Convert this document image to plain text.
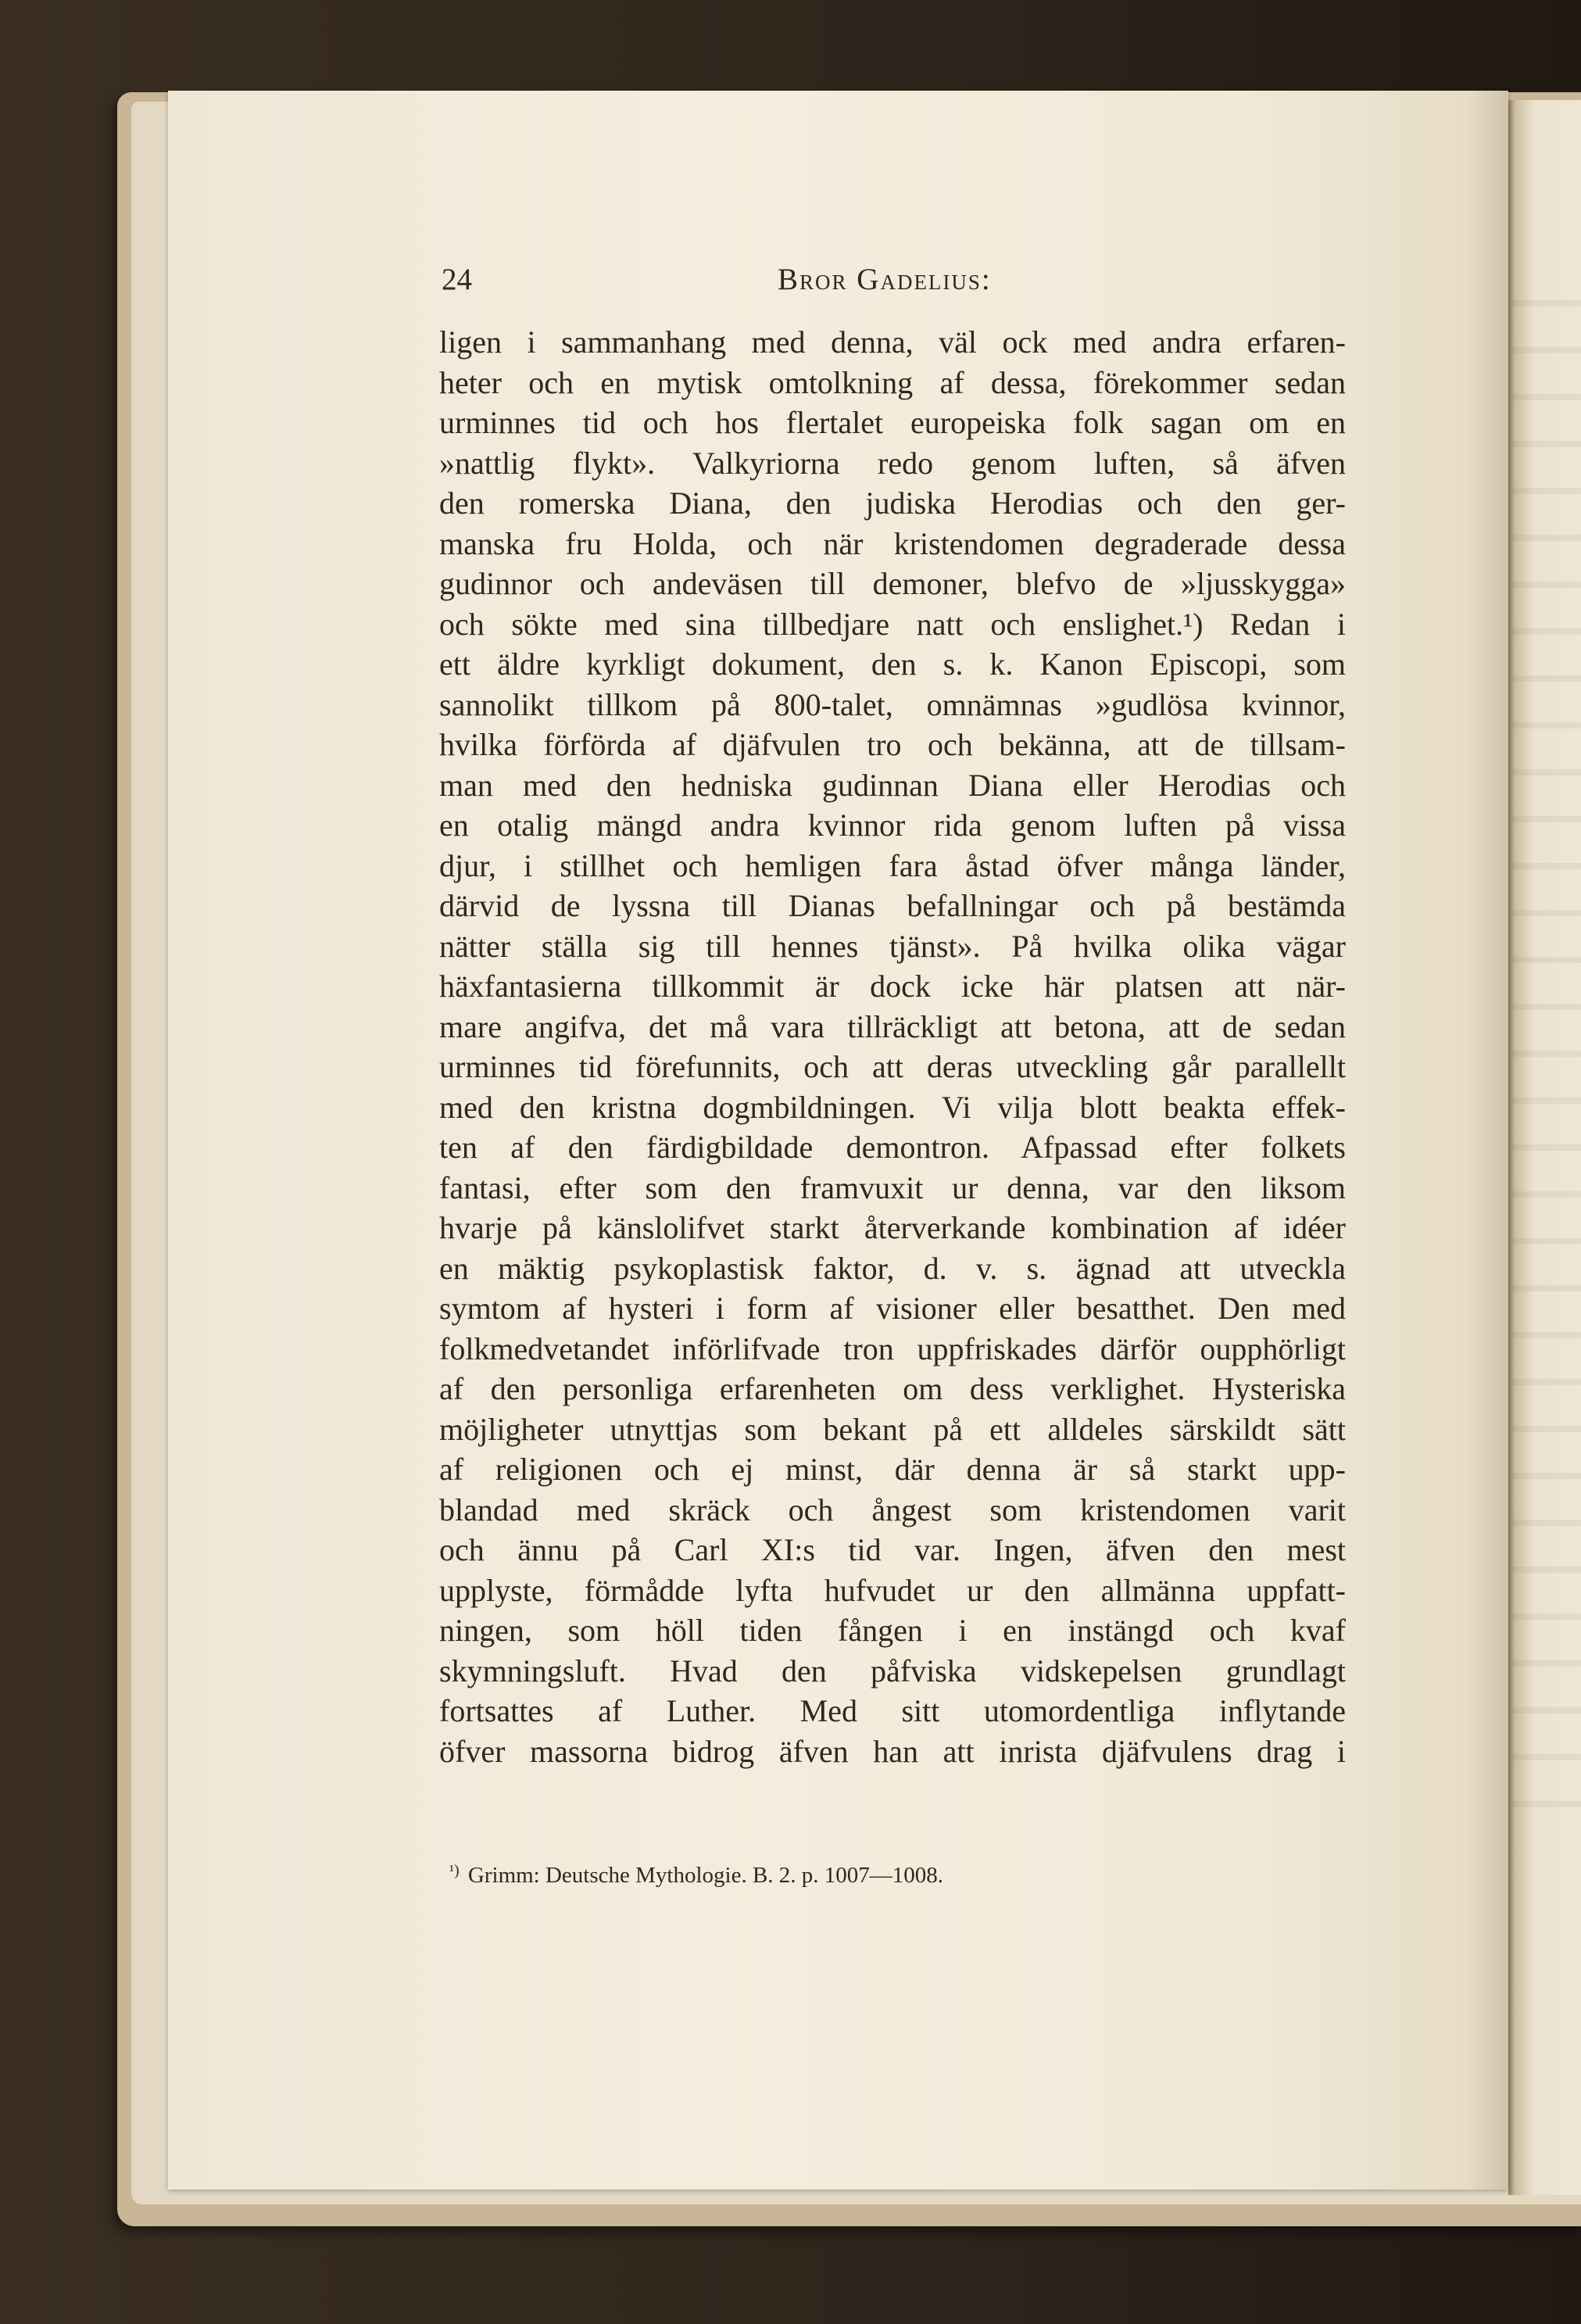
24	Bror Gadelius:
ligen i sammanhang med denna, väl ock med andra erfaren-
heter och en mytisk omtolkning af dessa, förekommer sedan
urminnes tid och hos flertalet europeiska folk sagan om en
»nattlig flykt». Valkyriorna redo genom luften, så äfven
den romerska Diana, den judiska Herodias och den ger-
manska fru Holda, och när kristendomen degraderade dessa
gudinnor och andeväsen till demoner, blefvo de »ljusskygga»
och sökte med sina tillbedjare natt och enslighet.¹) Redan i
ett äldre kyrkligt dokument, den s. k. Kanon Episcopi, som
sannolikt tillkom på 800-talet, omnämnas »gudlösa kvinnor,
hvilka förförda af djäfvulen tro och bekänna, att de tillsam-
man med den hedniska gudinnan Diana eller Herodias och
en otalig mängd andra kvinnor rida genom luften på vissa
djur, i stillhet och hemligen fara åstad öfver många länder,
därvid de lyssna till Dianas befallningar och på bestämda
nätter ställa sig till hennes tjänst». På hvilka olika vägar
häxfantasierna tillkommit är dock icke här platsen att när-
mare angifva, det må vara tillräckligt att betona, att de sedan
urminnes tid förefunnits, och att deras utveckling går parallellt
med den kristna dogmbildningen. Vi vilja blott beakta effek-
ten af den färdigbildade demontron. Afpassad efter folkets
fantasi, efter som den framvuxit ur denna, var den liksom
hvarje på känslolifvet starkt återverkande kombination af idéer
en mäktig psykoplastisk faktor, d. v. s. ägnad att utveckla
symtom af hysteri i form af visioner eller besatthet. Den med
folkmedvetandet införlifvade tron uppfriskades därför oupphörligt
af den personliga erfarenheten om dess verklighet. Hysteriska
möjligheter utnyttjas som bekant på ett alldeles särskildt sätt
af religionen och ej minst, där denna är så starkt upp-
blandad med skräck och ångest som kristendomen varit
och ännu på Carl XI:s tid var. Ingen, äfven den mest
upplyste, förmådde lyfta hufvudet ur den allmänna uppfatt-
ningen, som höll tiden fången i en instängd och kvaf
skymningsluft. Hvad den påfviska vidskepelsen grundlagt
fortsattes af Luther. Med sitt utomordentliga inflytande
öfver massorna bidrog äfven han att inrista djäfvulens drag i
$^{^1)}$ Grimm: Deutsche Mythologie. B. 2. p. 1007—1008.
